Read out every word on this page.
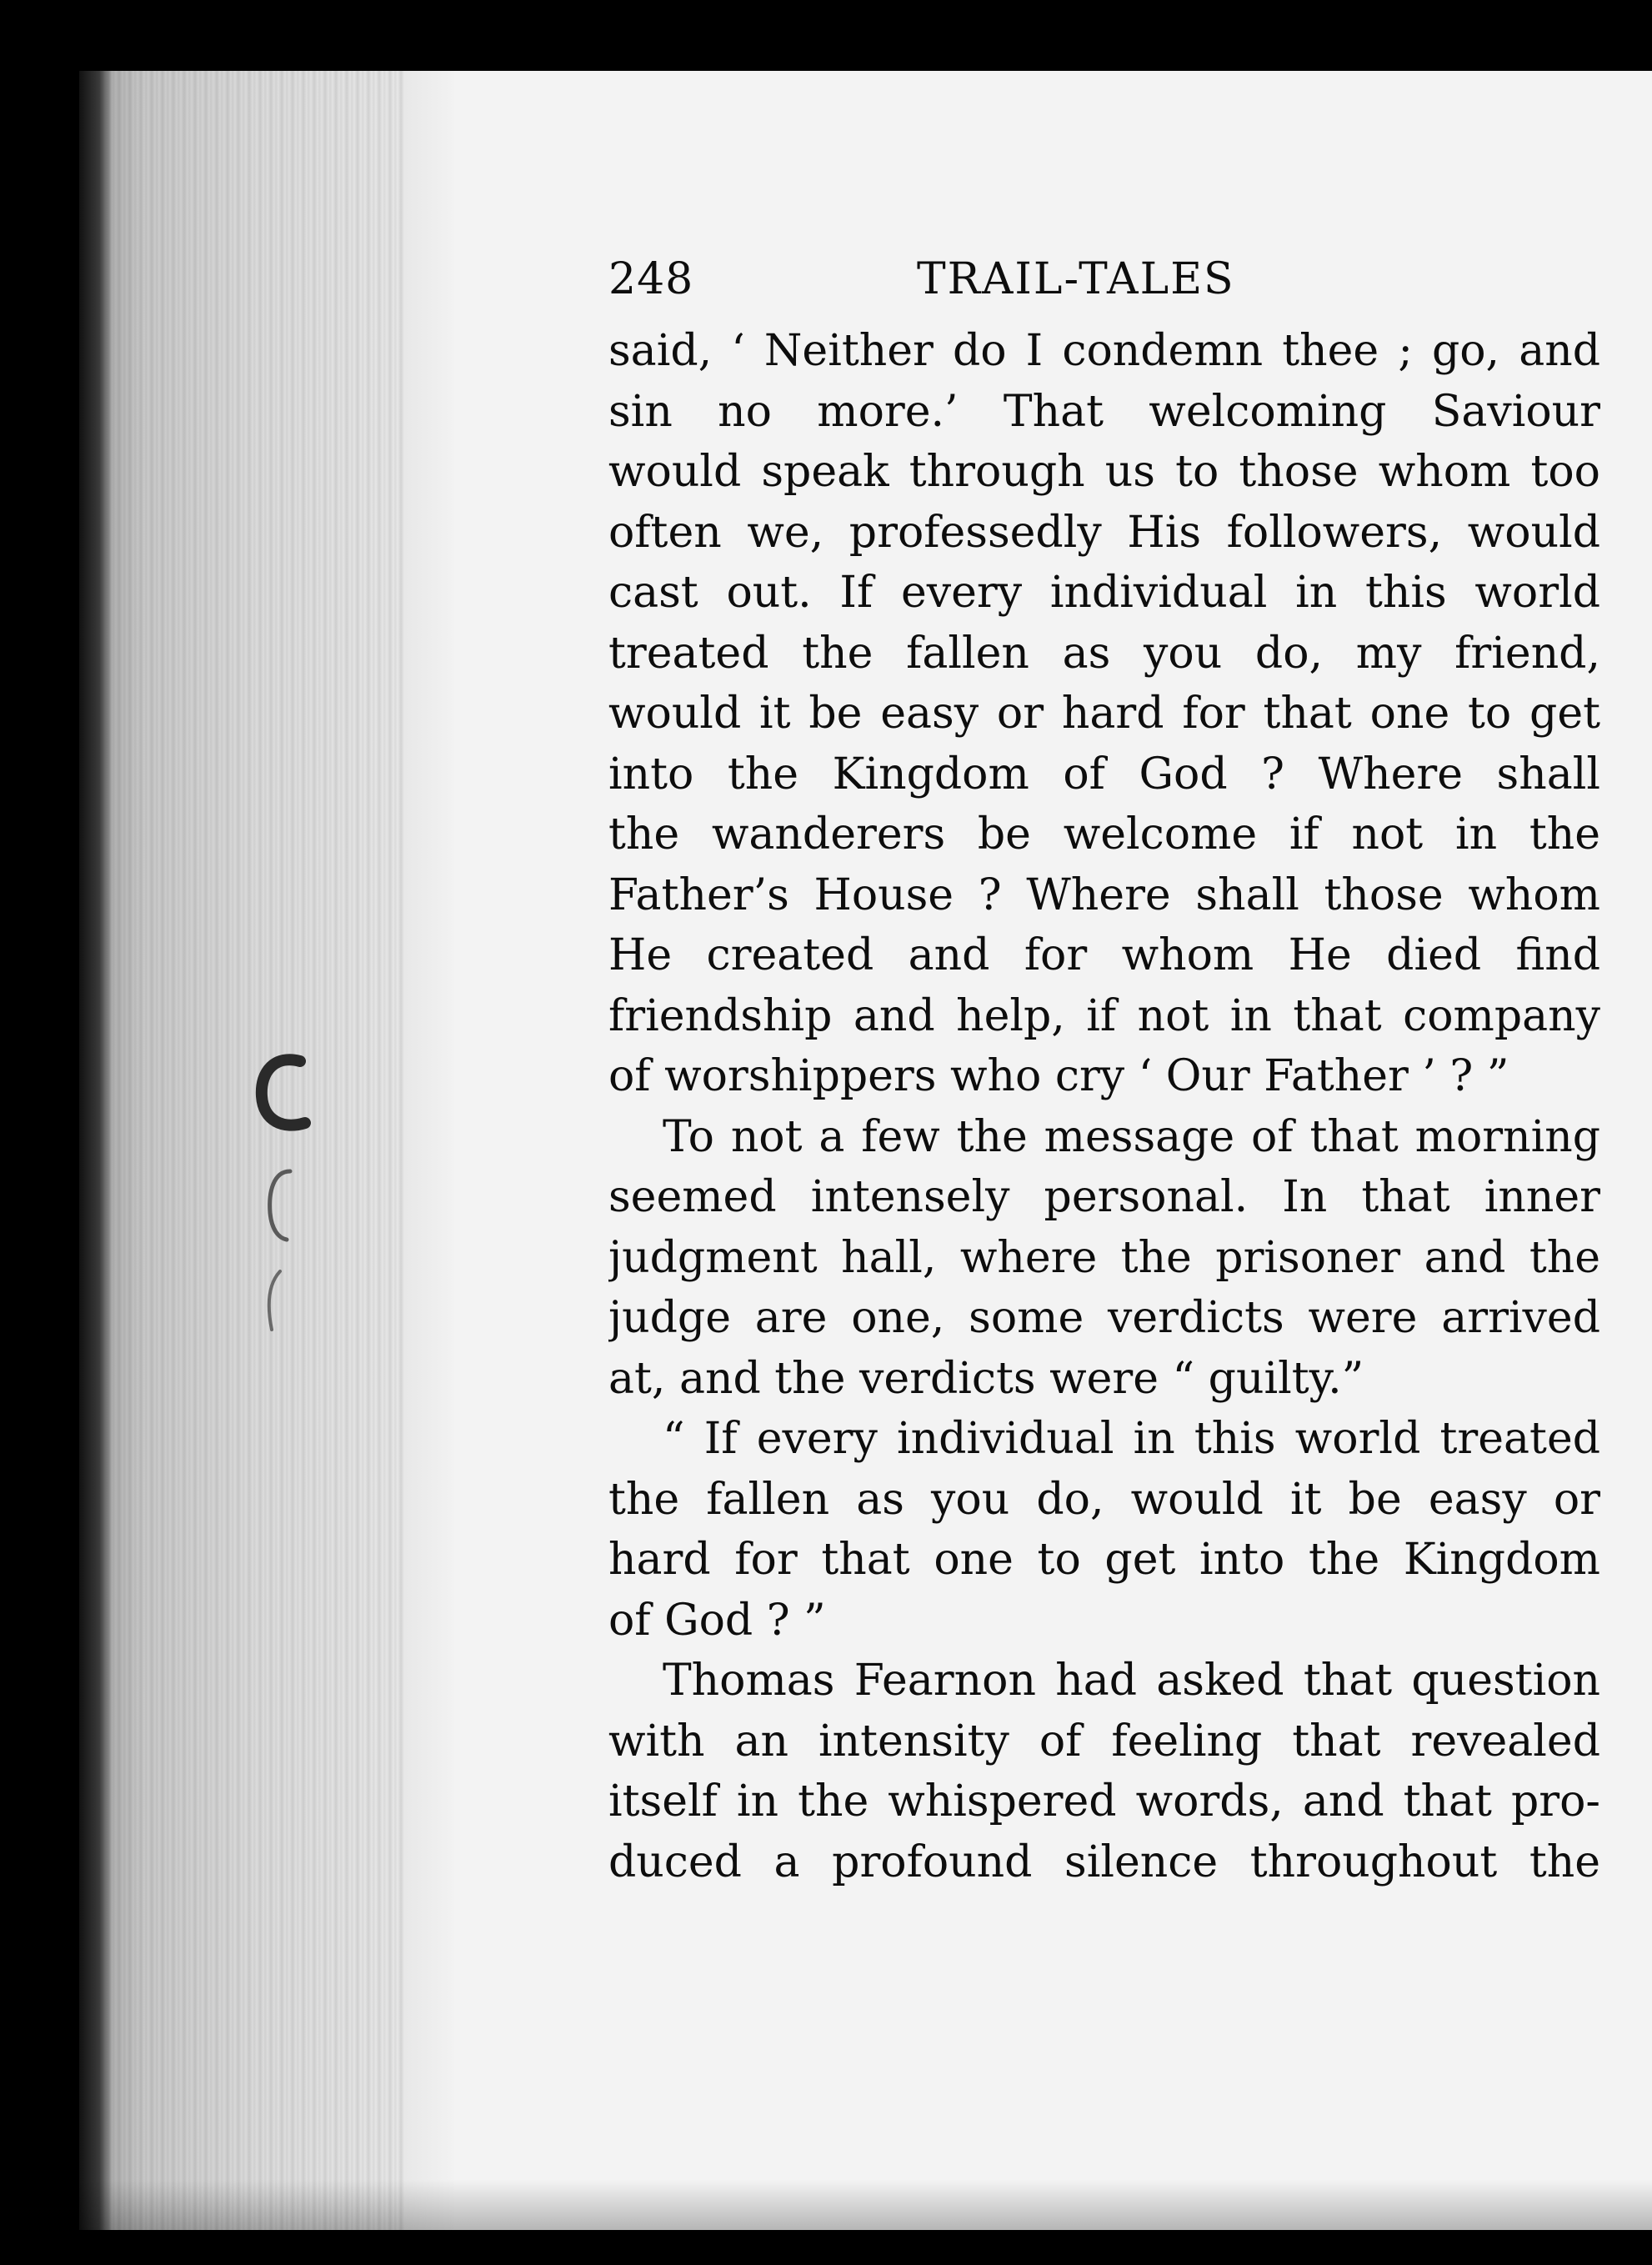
248	TRAIL-TALES
said, ‘ Neither do I condemn thee ; go, and
sin no more.’ That welcoming Saviour
would speak through us to those whom too
often we, professedly His followers, would
cast out. If every individual in this world
treated the fallen as you do, my friend,
would it be easy or hard for that one to get
into the Kingdom of God ? Where shall
the wanderers be welcome if not in the
Father’s House ? Where shall those whom
He created and for whom He died find
friendship and help, if not in that company
of worshippers who cry ‘ Our Father ’ ? ”
To not a few the message of that morning
seemed intensely personal. In that inner
judgment hall, where the prisoner and the
judge are one, some verdicts were arrived
at, and the verdicts were “ guilty.”
“ If every individual in this world treated
the fallen as you do, would it be easy or
hard for that one to get into the Kingdom
of God ? ”
Thomas Fearnon had asked that question
with an intensity of feeling that revealed
itself in the whispered words, and that pro-
duced a profound silence throughout the
